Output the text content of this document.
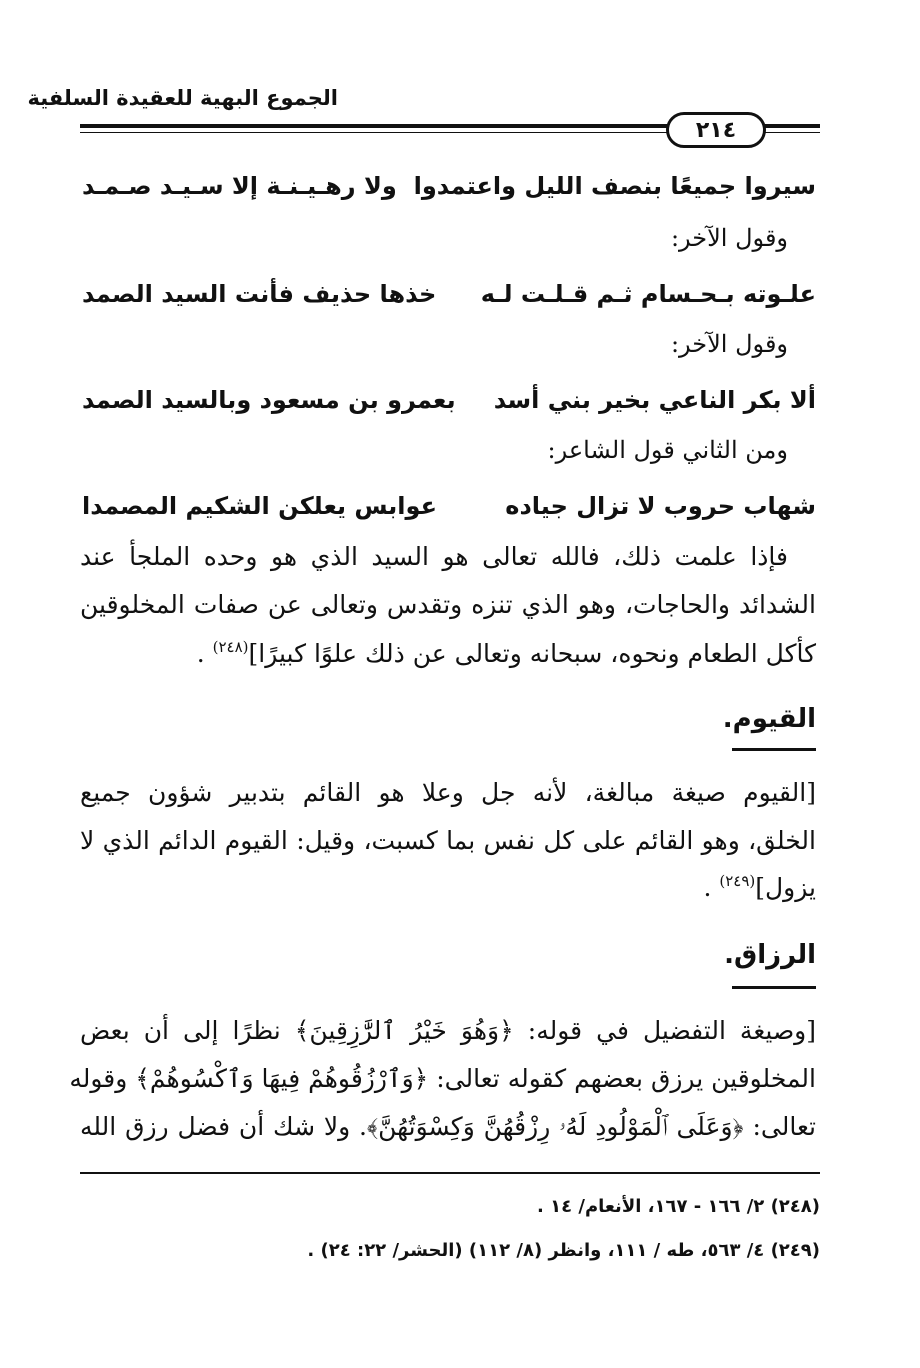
الجموع البهية للعقيدة السلفية
٢١٤
سيروا جميعًا بنصف الليل واعتمدوا
ولا رهـيـنـة إلا سـيـد صـمـد
وقول الآخر:
علـوته بـحـسام ثـم قـلـت لـه
خذها حذيف فأنت السيد الصمد
وقول الآخر:
ألا بكر الناعي بخير بني أسد
بعمرو بن مسعود وبالسيد الصمد
ومن الثاني قول الشاعر:
شهاب حروب لا تزال جياده
عوابس يعلكن الشكيم المصمدا
فإذا علمت ذلك، فالله تعالى هو السيد الذي هو وحده الملجأ عند
الشدائد والحاجات، وهو الذي تنزه وتقدس وتعالى عن صفات المخلوقين
كأكل الطعام ونحوه، سبحانه وتعالى عن ذلك علوًا كبيرًا]$^{(٢٤٨)}$ .
القيوم.
[القيوم صيغة مبالغة، لأنه جل وعلا هو القائم بتدبير شؤون جميع
الخلق، وهو القائم على كل نفس بما كسبت، وقيل: القيوم الدائم الذي لا
يزول]$^{(٢٤٩)}$ .
الرزاق.
[وصيغة التفضيل في قوله: ﴿وَهُوَ خَيْرُ ٱلرَّٰزِقِينَ﴾ نظرًا إلى أن بعض
المخلوقين يرزق بعضهم كقوله تعالى: ﴿وَٱرْزُقُوهُمْ فِيهَا وَٱكْسُوهُمْ﴾ وقوله
تعالى: ﴿وَعَلَى ٱلْمَوْلُودِ لَهُۥ رِزْقُهُنَّ وَكِسْوَتُهُنَّ﴾. ولا شك أن فضل رزق الله
(٢٤٨) ٢/ ١٦٦ - ١٦٧، الأنعام/ ١٤ .
(٢٤٩) ٤/ ٥٦٣، طه / ١١١، وانظر (٨/ ١١٢) (الحشر/ ٢٢: ٢٤) .
